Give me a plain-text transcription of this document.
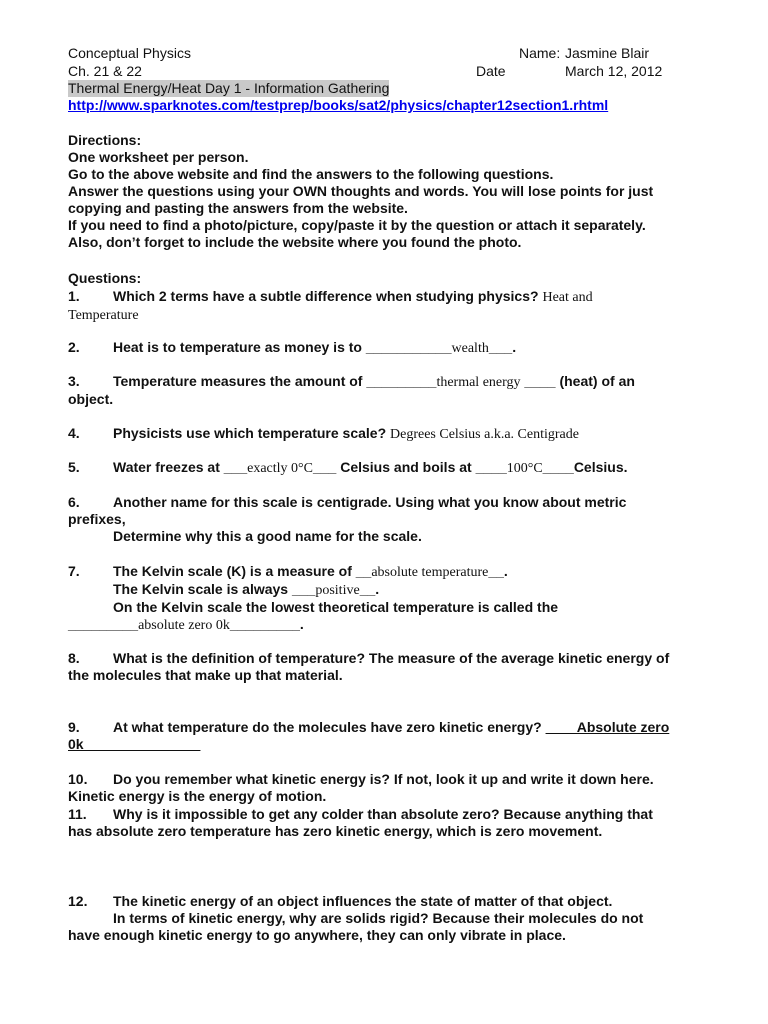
Conceptual Physics	Name: Jasmine Blair
Ch. 21 & 22	Date	March 12, 2012
Thermal Energy/Heat Day 1 - Information Gathering
http://www.sparknotes.com/testprep/books/sat2/physics/chapter12section1.rhtml

Directions:

One worksheet per person.

Go to the above website and find the answers to the following questions.

Answer the questions using your OWN thoughts and words. You will lose points for just

copying and pasting the answers from the website.

If you need to find a photo/picture, copy/paste it by the question or attach it separately.

Also, don’t forget to include the website where you found the photo.

Questions:

1. Which 2 terms have a subtle difference when studying physics? Heat and

Temperature

2. Heat is to temperature as money is to ___________wealth___.

3. Temperature measures the amount of _________thermal energy ____ (heat) of an

object.

4. Physicists use which temperature scale? Degrees Celsius a.k.a. Centigrade

5. Water freezes at ___exactly 0°C___ Celsius and boils at ____100°C____Celsius.

6. Another name for this scale is centigrade. Using what you know about metric

prefixes,

Determine why this a good name for the scale.

7. The Kelvin scale (K) is a measure of __absolute temperature__.

The Kelvin scale is always ___positive__.

On the Kelvin scale the lowest theoretical temperature is called the

_________absolute zero 0k_________.

8. What is the definition of temperature? The measure of the average kinetic energy of

the molecules that make up that material.

9. At what temperature do the molecules have zero kinetic energy? ____Absolute zero

0k_______________

10. Do you remember what kinetic energy is? If not, look it up and write it down here.

Kinetic energy is the energy of motion.

11. Why is it impossible to get any colder than absolute zero? Because anything that

has absolute zero temperature has zero kinetic energy, which is zero movement.

12. The kinetic energy of an object influences the state of matter of that object.

In terms of kinetic energy, why are solids rigid? Because their molecules do not

have enough kinetic energy to go anywhere, they can only vibrate in place.
